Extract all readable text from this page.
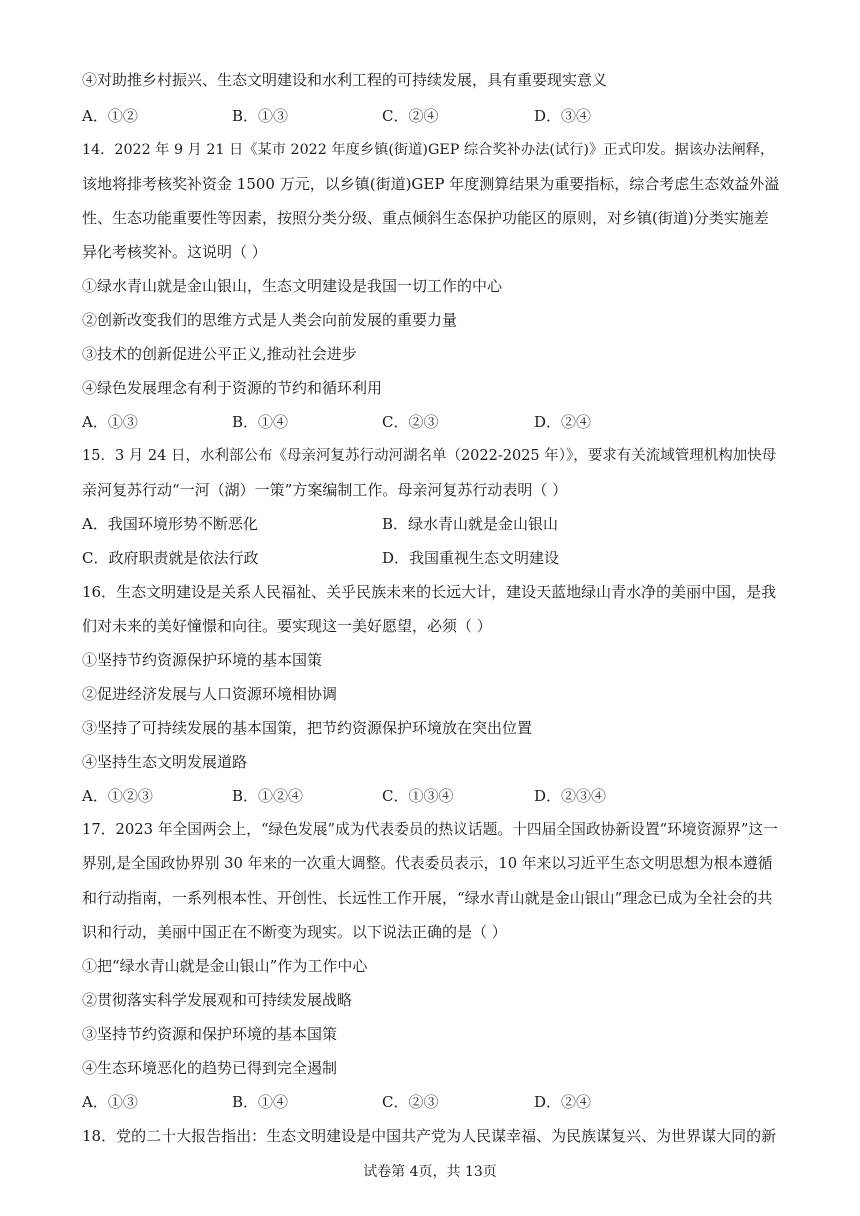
④对助推乡村振兴、生态文明建设和水利工程的可持续发展，具有重要现实意义
A．①②	B．①③	C．②④	D．③④
14．2022 年 9 月 21 日《某市 2022 年度乡镇(街道)GEP 综合奖补办法(试行)》正式印发。据该办法阐释，
该地将排考核奖补资金 1500 万元，以乡镇(街道)GEP 年度测算结果为重要指标，综合考虑生态效益外溢
性、生态功能重要性等因素，按照分类分级、重点倾斜生态保护功能区的原则，对乡镇(街道)分类实施差
异化考核奖补。这说明（ ）
①绿水青山就是金山银山，生态文明建设是我国一切工作的中心
②创新改变我们的思维方式是人类会向前发展的重要力量
③技术的创新促进公平正义,推动社会进步
④绿色发展理念有利于资源的节约和循环利用
A．①③	B．①④	C．②③	D．②④
15．3 月 24 日，水利部公布《母亲河复苏行动河湖名单（2022-2025 年）》，要求有关流域管理机构加快母
亲河复苏行动“一河（湖）一策”方案编制工作。母亲河复苏行动表明（ ）
A．我国环境形势不断恶化	B．绿水青山就是金山银山
C．政府职责就是依法行政	D．我国重视生态文明建设
16．生态文明建设是关系人民福祉、关乎民族未来的长远大计，建设天蓝地绿山青水净的美丽中国，是我
们对未来的美好憧憬和向往。要实现这一美好愿望，必须（ ）
①坚持节约资源保护环境的基本国策
②促进经济发展与人口资源环境相协调
③坚持了可持续发展的基本国策，把节约资源保护环境放在突出位置
④坚持生态文明发展道路
A．①②③	B．①②④	C．①③④	D．②③④
17．2023 年全国两会上，“绿色发展”成为代表委员的热议话题。十四届全国政协新设置“环境资源界”这一
界别,是全国政协界别 30 年来的一次重大调整。代表委员表示，10 年来以习近平生态文明思想为根本遵循
和行动指南，一系列根本性、开创性、长远性工作开展，“绿水青山就是金山银山”理念已成为全社会的共
识和行动，美丽中国正在不断变为现实。以下说法正确的是（ ）
①把“绿水青山就是金山银山”作为工作中心
②贯彻落实科学发展观和可持续发展战略
③坚持节约资源和保护环境的基本国策
④生态环境恶化的趋势已得到完全遏制
A．①③	B．①④	C．②③	D．②④
18．党的二十大报告指出：生态文明建设是中国共产党为人民谋幸福、为民族谋复兴、为世界谋大同的新
试卷第 4页，共 13页
